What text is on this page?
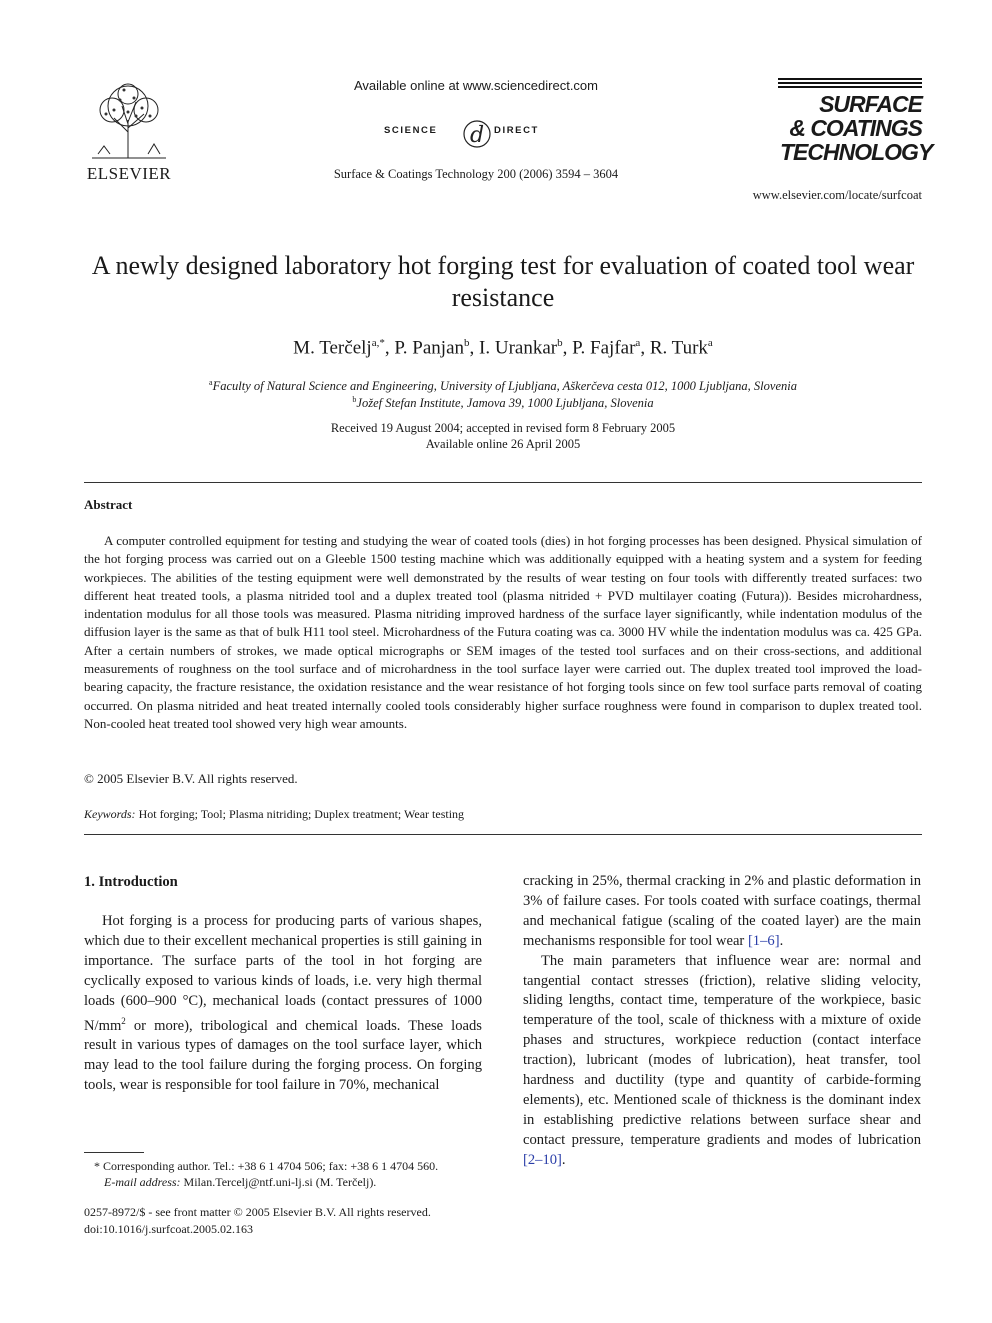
ELSEVIER
Available online at www.sciencedirect.com
SCIENCE d DIRECT
Surface & Coatings Technology 200 (2006) 3594 – 3604
SURFACE
& COATINGS
TECHNOLOGY
www.elsevier.com/locate/surfcoat
A newly designed laboratory hot forging test for evaluation of coated tool wear resistance
M. Terčelj$^{a,*}$, P. Panjan$^b$, I. Urankar$^b$, P. Fajfar$^a$, R. Turk$^a$
$^a$Faculty of Natural Science and Engineering, University of Ljubljana, Aškerčeva cesta 012, 1000 Ljubljana, Slovenia
$^b$Jožef Stefan Institute, Jamova 39, 1000 Ljubljana, Slovenia
Received 19 August 2004; accepted in revised form 8 February 2005
Available online 26 April 2005
Abstract
A computer controlled equipment for testing and studying the wear of coated tools (dies) in hot forging processes has been designed. Physical simulation of the hot forging process was carried out on a Gleeble 1500 testing machine which was additionally equipped with a heating system and a system for feeding workpieces. The abilities of the testing equipment were well demonstrated by the results of wear testing on four tools with differently treated surfaces: two different heat treated tools, a plasma nitrided tool and a duplex treated tool (plasma nitrided + PVD multilayer coating (Futura)). Besides microhardness, indentation modulus for all those tools was measured. Plasma nitriding improved hardness of the surface layer significantly, while indentation modulus of the diffusion layer is the same as that of bulk H11 tool steel. Microhardness of the Futura coating was ca. 3000 HV while the indentation modulus was ca. 425 GPa. After a certain numbers of strokes, we made optical micrographs or SEM images of the tested tool surfaces and on their cross-sections, and additional measurements of roughness on the tool surface and of microhardness in the tool surface layer were carried out. The duplex treated tool improved the load-bearing capacity, the fracture resistance, the oxidation resistance and the wear resistance of hot forging tools since on few tool surface parts removal of coating occurred. On plasma nitrided and heat treated internally cooled tools considerably higher surface roughness were found in comparison to duplex treated tool. Non-cooled heat treated tool showed very high wear amounts.
© 2005 Elsevier B.V. All rights reserved.
Keywords: Hot forging; Tool; Plasma nitriding; Duplex treatment; Wear testing
1. Introduction

Hot forging is a process for producing parts of various shapes, which due to their excellent mechanical properties is still gaining in importance. The surface parts of the tool in hot forging are cyclically exposed to various kinds of loads, i.e. very high thermal loads (600–900 °C), mechanical loads (contact pressures of 1000 $N/mm^2$ or more), tribological and chemical loads. These loads result in various types of damages on the tool surface layer, which may lead to the tool failure during the forging process. On forging tools, wear is responsible for tool failure in 70%, mechanical

cracking in 25%, thermal cracking in 2% and plastic deformation in 3% of failure cases. For tools coated with surface coatings, thermal and mechanical fatigue (scaling of the coated layer) are the main mechanisms responsible for tool wear [1–6].

The main parameters that influence wear are: normal and tangential contact stresses (friction), relative sliding velocity, sliding lengths, contact time, temperature of the workpiece, basic temperature of the tool, scale of thickness with a mixture of oxide phases and structures, workpiece reduction (contact interface traction), lubricant (modes of lubrication), heat transfer, tool hardness and ductility (type and quantity of carbide-forming elements), etc. Mentioned scale of thickness is the dominant index in establishing predictive relations between surface shear and contact pressure, temperature gradients and modes of lubrication [2–10].

* Corresponding author. Tel.: +38 6 1 4704 506; fax: +38 6 1 4704 560.
E-mail address: Milan.Tercelj@ntf.uni-lj.si (M. Terčelj).
0257-8972/$ - see front matter © 2005 Elsevier B.V. All rights reserved.
doi:10.1016/j.surfcoat.2005.02.163
